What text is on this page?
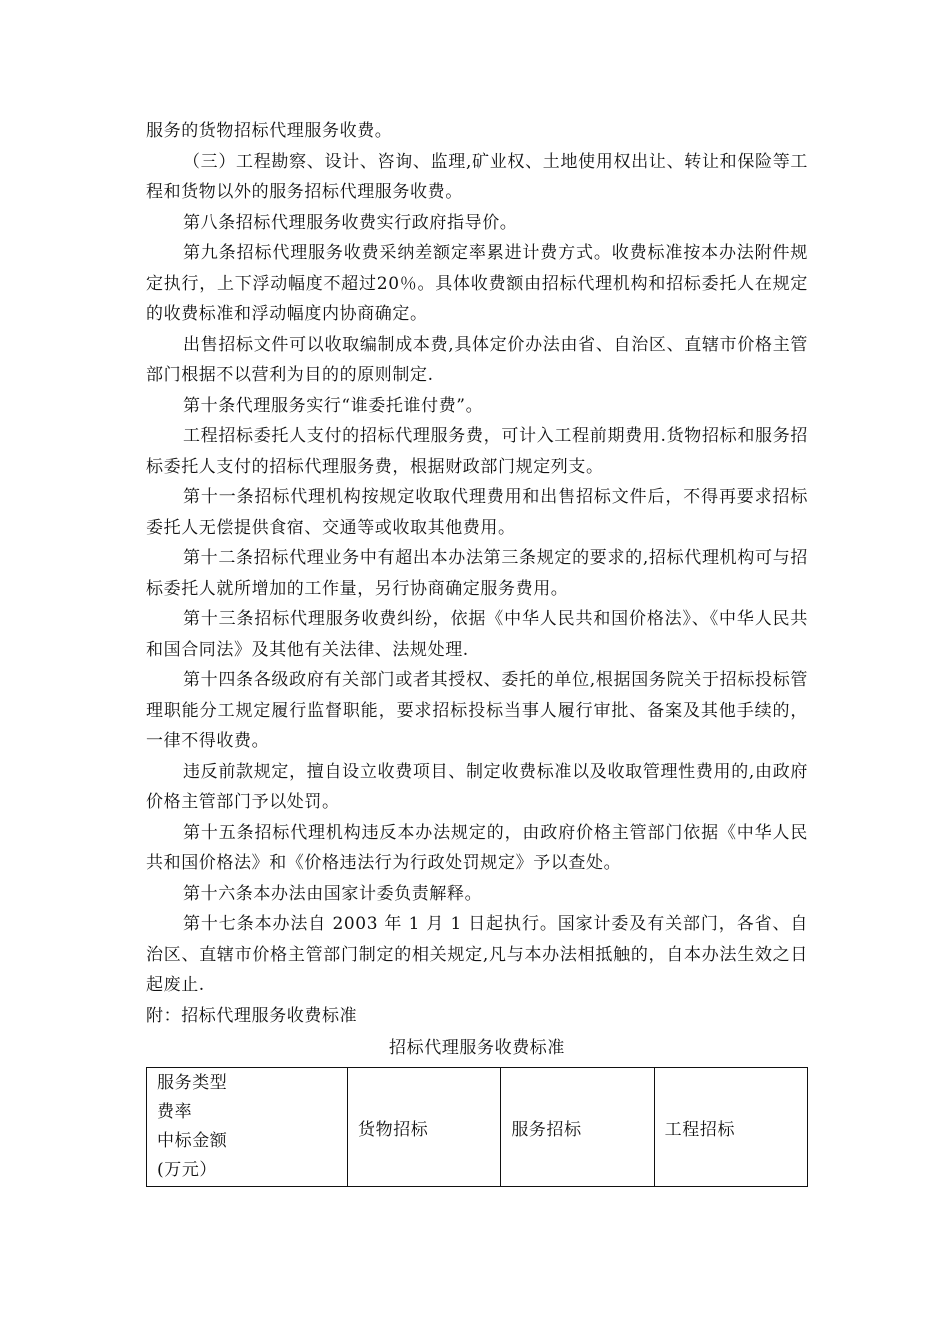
服务的货物招标代理服务收费。

（三）工程勘察、设计、咨询、监理,矿业权、土地使用权出让、转让和保险等工程和货物以外的服务招标代理服务收费。

第八条招标代理服务收费实行政府指导价。

第九条招标代理服务收费采纳差额定率累进计费方式。收费标准按本办法附件规定执行，上下浮动幅度不超过20％。具体收费额由招标代理机构和招标委托人在规定的收费标准和浮动幅度内协商确定。

出售招标文件可以收取编制成本费,具体定价办法由省、自治区、直辖市价格主管部门根据不以营利为目的的原则制定.

第十条代理服务实行“谁委托谁付费”。

工程招标委托人支付的招标代理服务费，可计入工程前期费用.货物招标和服务招标委托人支付的招标代理服务费，根据财政部门规定列支。

第十一条招标代理机构按规定收取代理费用和出售招标文件后，不得再要求招标委托人无偿提供食宿、交通等或收取其他费用。

第十二条招标代理业务中有超出本办法第三条规定的要求的,招标代理机构可与招标委托人就所增加的工作量，另行协商确定服务费用。

第十三条招标代理服务收费纠纷，依据《中华人民共和国价格法》、《中华人民共和国合同法》及其他有关法律、法规处理.

第十四条各级政府有关部门或者其授权、委托的单位,根据国务院关于招标投标管理职能分工规定履行监督职能，要求招标投标当事人履行审批、备案及其他手续的，一律不得收费。

违反前款规定，擅自设立收费项目、制定收费标准以及收取管理性费用的,由政府价格主管部门予以处罚。

第十五条招标代理机构违反本办法规定的，由政府价格主管部门依据《中华人民共和国价格法》和《价格违法行为行政处罚规定》予以查处。

第十六条本办法由国家计委负责解释。

第十七条本办法自 2003 年 1 月 1 日起执行。国家计委及有关部门，各省、自治区、直辖市价格主管部门制定的相关规定,凡与本办法相抵触的，自本办法生效之日起废止.

附：招标代理服务收费标准

招标代理服务收费标准
服务类型
费率
中标金额
(万元）
	货物招标	服务招标	工程招标
